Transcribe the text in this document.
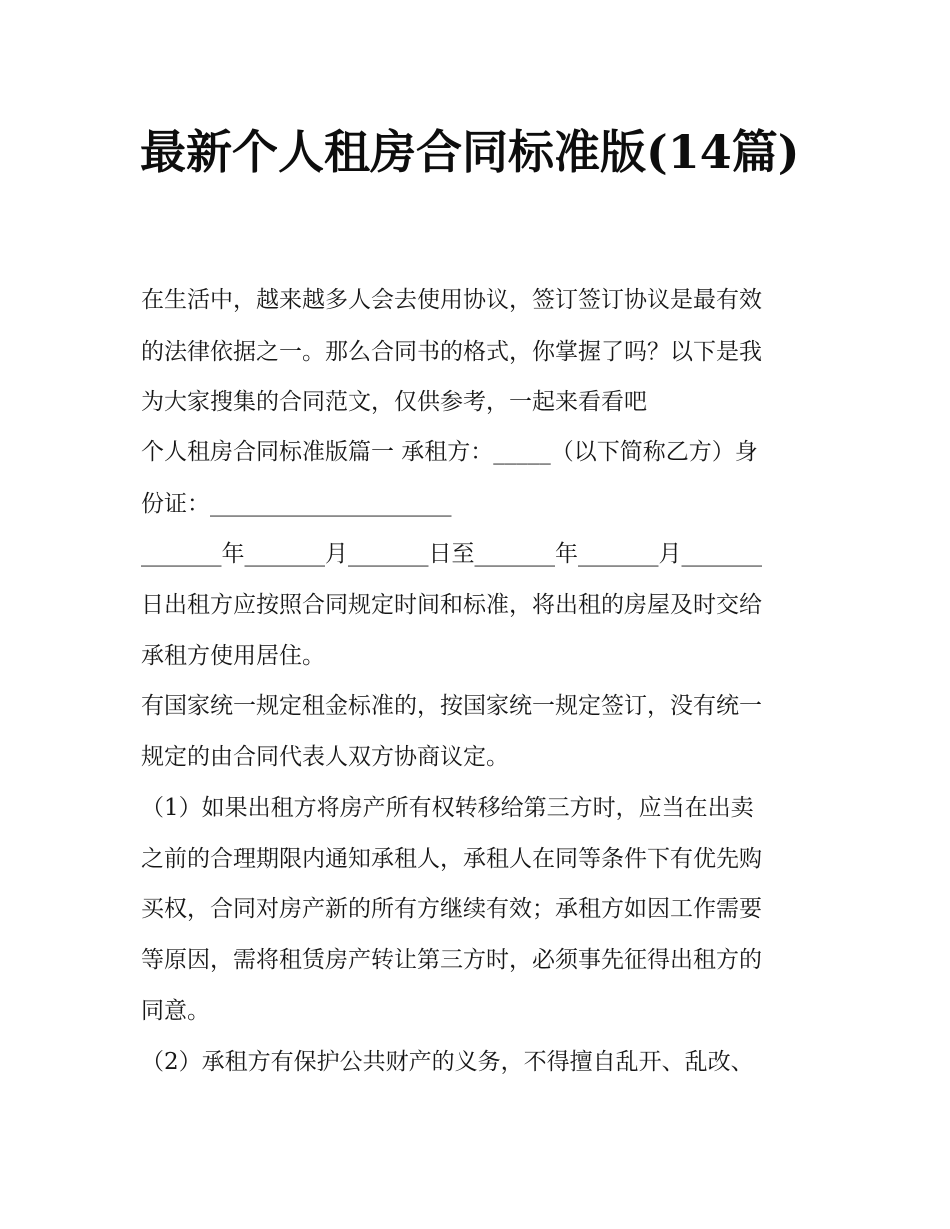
最新个人租房合同标准版(14篇)

在生活中，越来越多人会去使用协议，签订签订协议是最有效

的法律依据之一。那么合同书的格式，你掌握了吗？以下是我

为大家搜集的合同范文，仅供参考，一起来看看吧

个人租房合同标准版篇一 承租方：_____（以下简称乙方）身

份证：_____________________

_______年_______月_______日至_______年_______月_______

日出租方应按照合同规定时间和标准，将出租的房屋及时交给

承租方使用居住。

有国家统一规定租金标准的，按国家统一规定签订，没有统一

规定的由合同代表人双方协商议定。

（1）如果出租方将房产所有权转移给第三方时，应当在出卖

之前的合理期限内通知承租人，承租人在同等条件下有优先购

买权，合同对房产新的所有方继续有效；承租方如因工作需要

等原因，需将租赁房产转让第三方时，必须事先征得出租方的

同意。

（2）承租方有保护公共财产的义务，不得擅自乱开、乱改、
